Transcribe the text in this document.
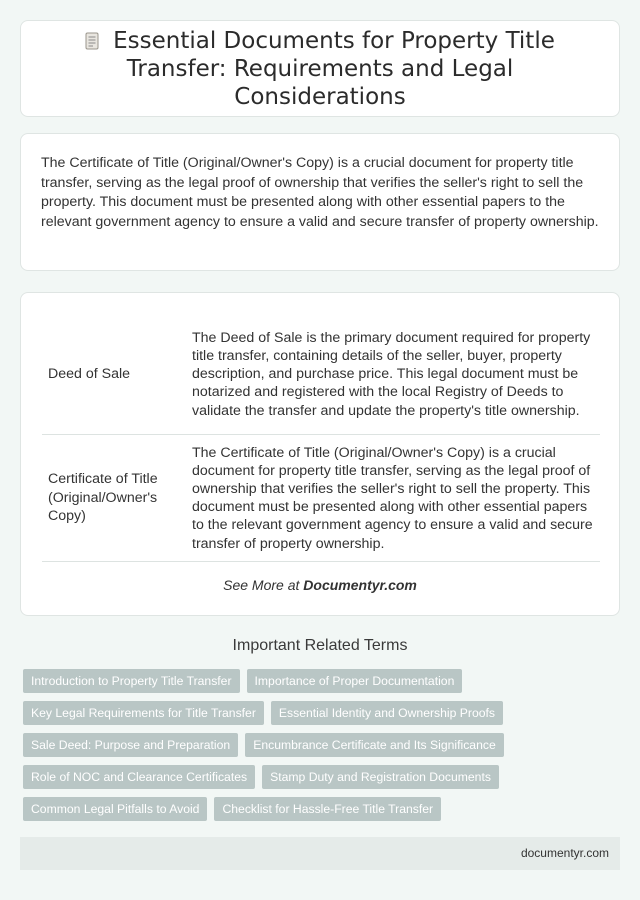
Essential Documents for Property Title Transfer: Requirements and Legal Considerations

The Certificate of Title (Original/Owner's Copy) is a crucial document for property title transfer, serving as the legal proof of ownership that verifies the seller's right to sell the property. This document must be presented along with other essential papers to the relevant government agency to ensure a valid and secure transfer of property ownership.

Deed of Sale	The Deed of Sale is the primary document required for property title transfer, containing details of the seller, buyer, property description, and purchase price. This legal document must be notarized and registered with the local Registry of Deeds to validate the transfer and update the property's title ownership.
Certificate of Title (Original/Owner's Copy)	The Certificate of Title (Original/Owner's Copy) is a crucial document for property title transfer, serving as the legal proof of ownership that verifies the seller's right to sell the property. This document must be presented along with other essential papers to the relevant government agency to ensure a valid and secure transfer of property ownership.
See More at Documentyr.com
Important Related Terms
Introduction to Property Title Transfer	Importance of Proper Documentation
Key Legal Requirements for Title Transfer	Essential Identity and Ownership Proofs
Sale Deed: Purpose and Preparation	Encumbrance Certificate and Its Significance
Role of NOC and Clearance Certificates	Stamp Duty and Registration Documents
Common Legal Pitfalls to Avoid	Checklist for Hassle-Free Title Transfer
documentyr.com
